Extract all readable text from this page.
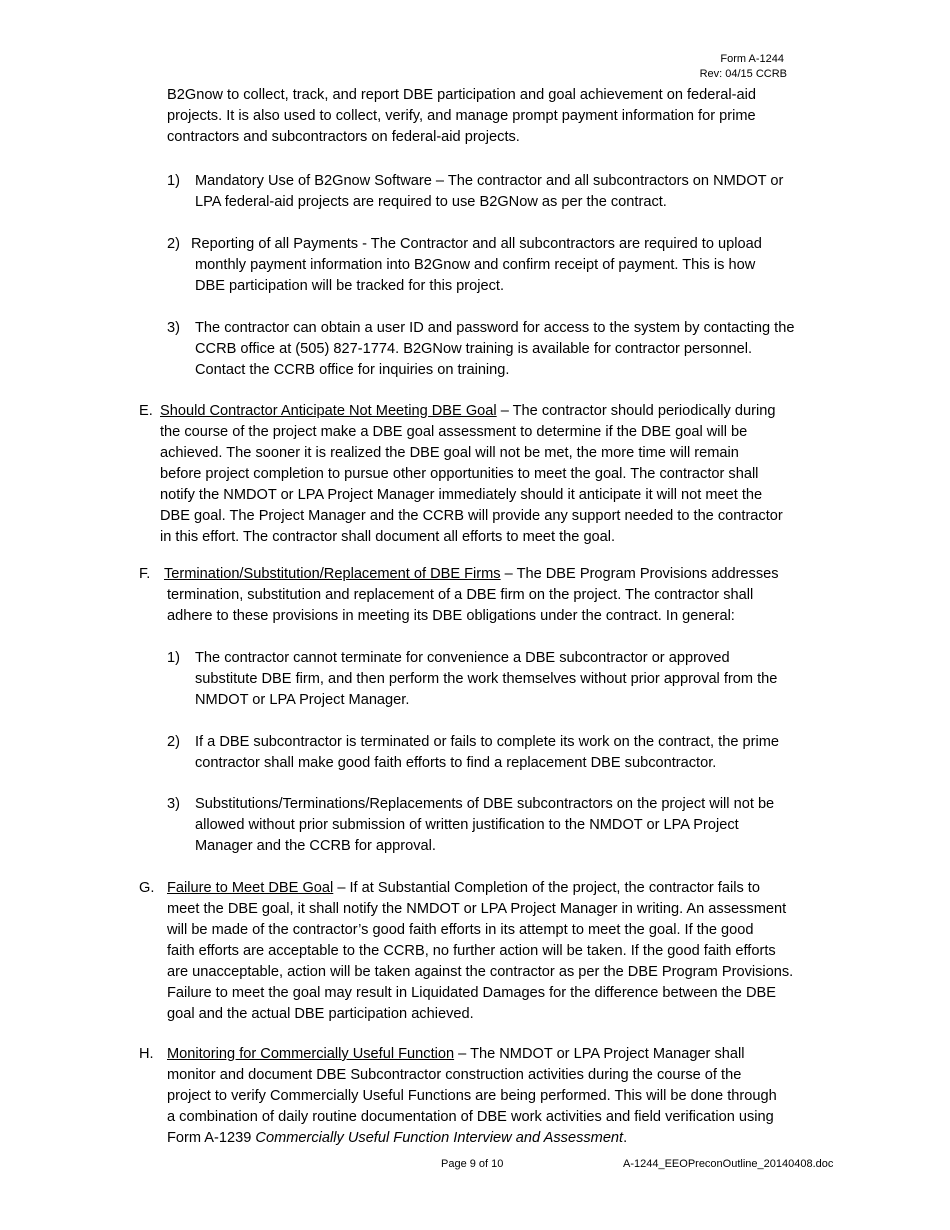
Form A-1244
Rev: 04/15 CCRB
B2Gnow to collect, track, and report DBE participation and goal achievement on federal-aid
projects. It is also used to collect, verify, and manage prompt payment information for prime
contractors and subcontractors on federal-aid projects.
1) Mandatory Use of B2Gnow Software – The contractor and all subcontractors on NMDOT or
LPA federal-aid projects are required to use B2GNow as per the contract.
2) Reporting of all Payments - The Contractor and all subcontractors are required to upload
monthly payment information into B2Gnow and confirm receipt of payment. This is how
DBE participation will be tracked for this project.
3) The contractor can obtain a user ID and password for access to the system by contacting the
CCRB office at (505) 827-1774. B2GNow training is available for contractor personnel.
Contact the CCRB office for inquiries on training.
E. Should Contractor Anticipate Not Meeting DBE Goal – The contractor should periodically during
the course of the project make a DBE goal assessment to determine if the DBE goal will be
achieved. The sooner it is realized the DBE goal will not be met, the more time will remain
before project completion to pursue other opportunities to meet the goal. The contractor shall
notify the NMDOT or LPA Project Manager immediately should it anticipate it will not meet the
DBE goal. The Project Manager and the CCRB will provide any support needed to the contractor
in this effort. The contractor shall document all efforts to meet the goal.
F. Termination/Substitution/Replacement of DBE Firms – The DBE Program Provisions addresses
termination, substitution and replacement of a DBE firm on the project. The contractor shall
adhere to these provisions in meeting its DBE obligations under the contract. In general:
1) The contractor cannot terminate for convenience a DBE subcontractor or approved
substitute DBE firm, and then perform the work themselves without prior approval from the
NMDOT or LPA Project Manager.
2) If a DBE subcontractor is terminated or fails to complete its work on the contract, the prime
contractor shall make good faith efforts to find a replacement DBE subcontractor.
3) Substitutions/Terminations/Replacements of DBE subcontractors on the project will not be
allowed without prior submission of written justification to the NMDOT or LPA Project
Manager and the CCRB for approval.
G. Failure to Meet DBE Goal – If at Substantial Completion of the project, the contractor fails to
meet the DBE goal, it shall notify the NMDOT or LPA Project Manager in writing. An assessment
will be made of the contractor’s good faith efforts in its attempt to meet the goal. If the good
faith efforts are acceptable to the CCRB, no further action will be taken. If the good faith efforts
are unacceptable, action will be taken against the contractor as per the DBE Program Provisions.
Failure to meet the goal may result in Liquidated Damages for the difference between the DBE
goal and the actual DBE participation achieved.
H. Monitoring for Commercially Useful Function – The NMDOT or LPA Project Manager shall
monitor and document DBE Subcontractor construction activities during the course of the
project to verify Commercially Useful Functions are being performed. This will be done through
a combination of daily routine documentation of DBE work activities and field verification using
Form A-1239 Commercially Useful Function Interview and Assessment.
Page 9 of 10	A-1244_EEOPreconOutline_20140408.doc
